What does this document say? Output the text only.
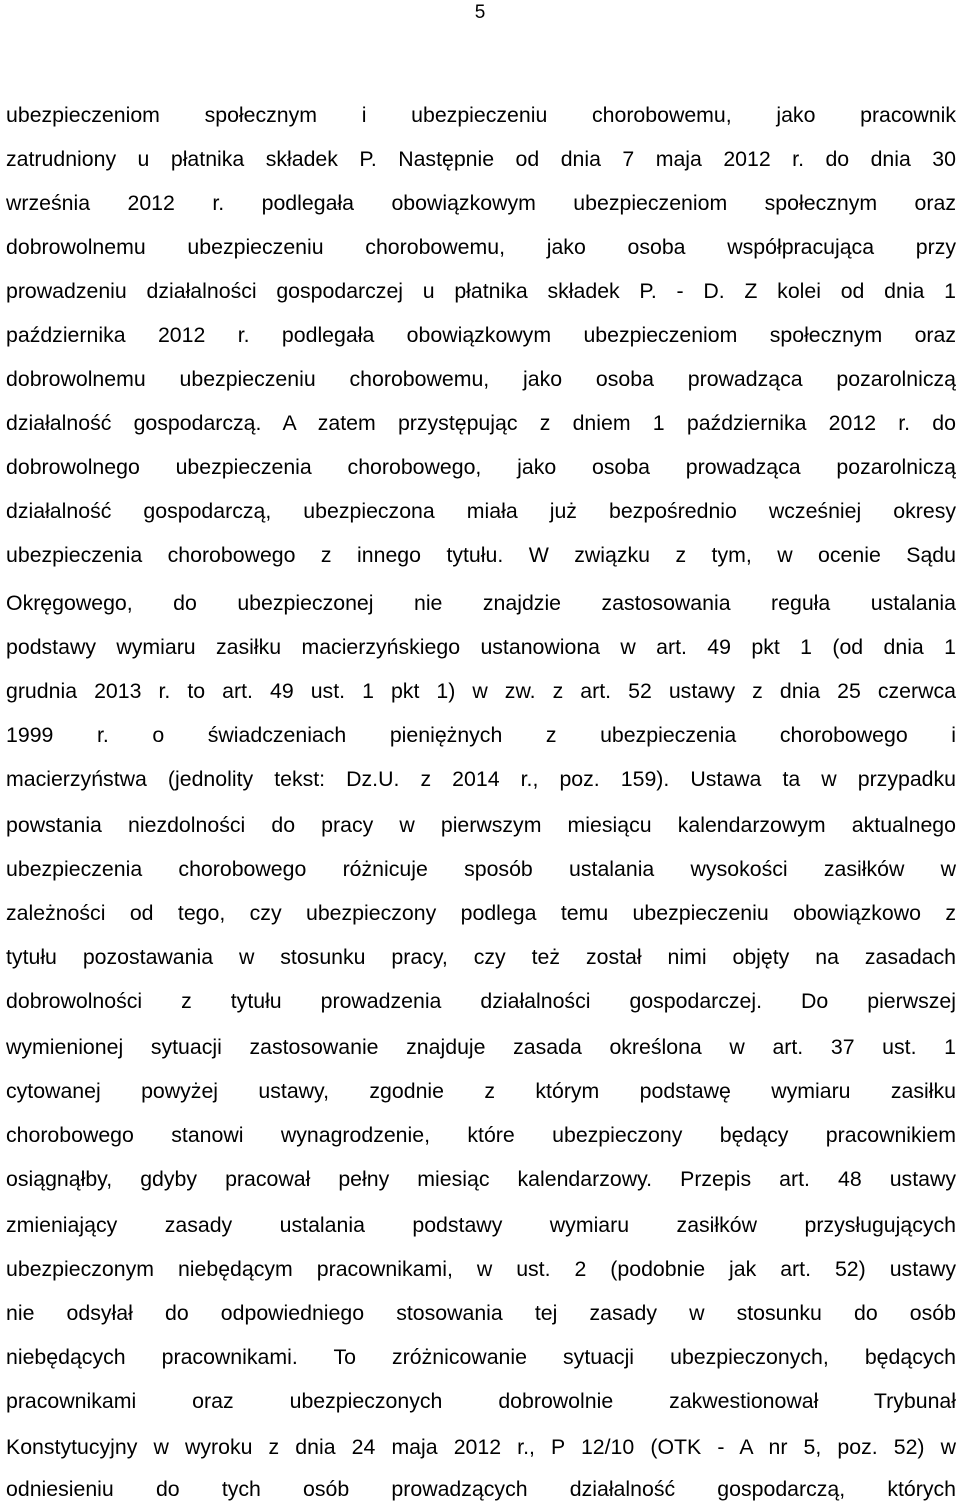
5
ubezpieczeniom społecznym i ubezpieczeniu chorobowemu, jako pracownik
zatrudniony u płatnika składek P. Następnie od dnia 7 maja 2012 r. do dnia 30
września 2012 r. podlegała obowiązkowym ubezpieczeniom społecznym oraz
dobrowolnemu ubezpieczeniu chorobowemu, jako osoba współpracująca przy
prowadzeniu działalności gospodarczej u płatnika składek P. - D. Z kolei od dnia 1
października 2012 r. podlegała obowiązkowym ubezpieczeniom społecznym oraz
dobrowolnemu ubezpieczeniu chorobowemu, jako osoba prowadząca pozarolniczą
działalność gospodarczą. A zatem przystępując z dniem 1 października 2012 r. do
dobrowolnego ubezpieczenia chorobowego, jako osoba prowadząca pozarolniczą
działalność gospodarczą, ubezpieczona miała już bezpośrednio wcześniej okresy
ubezpieczenia chorobowego z innego tytułu. W związku z tym, w ocenie Sądu
Okręgowego, do ubezpieczonej nie znajdzie zastosowania reguła ustalania
podstawy wymiaru zasiłku macierzyńskiego ustanowiona w art. 49 pkt 1 (od dnia 1
grudnia 2013 r. to art. 49 ust. 1 pkt 1) w zw. z art. 52 ustawy z dnia 25 czerwca
1999 r. o świadczeniach pieniężnych z ubezpieczenia chorobowego i
macierzyństwa (jednolity tekst: Dz.U. z 2014 r., poz. 159). Ustawa ta w przypadku
powstania niezdolności do pracy w pierwszym miesiącu kalendarzowym aktualnego
ubezpieczenia chorobowego różnicuje sposób ustalania wysokości zasiłków w
zależności od tego, czy ubezpieczony podlega temu ubezpieczeniu obowiązkowo z
tytułu pozostawania w stosunku pracy, czy też został nimi objęty na zasadach
dobrowolności z tytułu prowadzenia działalności gospodarczej. Do pierwszej
wymienionej sytuacji zastosowanie znajduje zasada określona w art. 37 ust. 1
cytowanej powyżej ustawy, zgodnie z którym podstawę wymiaru zasiłku
chorobowego stanowi wynagrodzenie, które ubezpieczony będący pracownikiem
osiągnąłby, gdyby pracował pełny miesiąc kalendarzowy. Przepis art. 48 ustawy
zmieniający zasady ustalania podstawy wymiaru zasiłków przysługujących
ubezpieczonym niebędącym pracownikami, w ust. 2 (podobnie jak art. 52) ustawy
nie odsyłał do odpowiedniego stosowania tej zasady w stosunku do osób
niebędących pracownikami. To zróżnicowanie sytuacji ubezpieczonych, będących
pracownikami oraz ubezpieczonych dobrowolnie zakwestionował Trybunał
Konstytucyjny w wyroku z dnia 24 maja 2012 r., P 12/10 (OTK - A nr 5, poz. 52) w
odniesieniu do tych osób prowadzących działalność gospodarczą, których
